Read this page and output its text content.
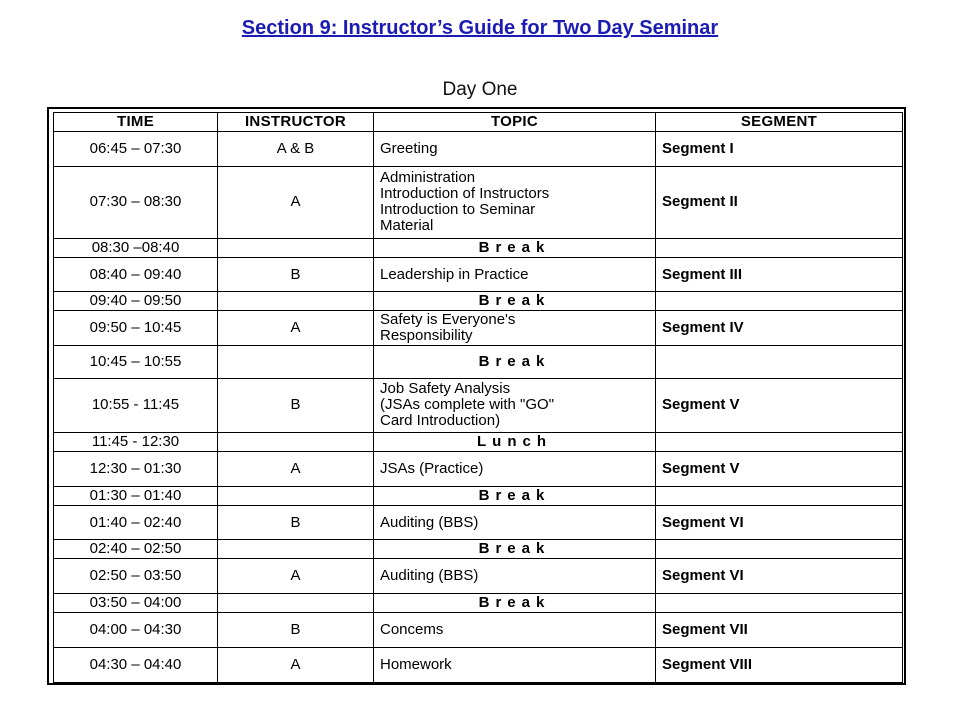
Section 9: Instructor’s Guide for Two Day Seminar
Day One
TIME	INSTRUCTOR	TOPIC	SEGMENT
06:45 – 07:30	A & B	Greeting	Segment I
07:30 – 08:30	A	Administration
Introduction of Instructors
Introduction to Seminar
Material	Segment II
08:30 –08:40		Break	
08:40 – 09:40	B	Leadership in Practice	Segment III
09:40 – 09:50		Break	
09:50 – 10:45	A	Safety is Everyone's
Responsibility	Segment IV
10:45 – 10:55		Break	
10:55 - 11:45	B	Job Safety Analysis
(JSAs complete with "GO"
Card Introduction)	Segment V
11:45 - 12:30		Lunch	
12:30 – 01:30	A	JSAs (Practice)	Segment V
01:30 – 01:40		Break	
01:40 – 02:40	B	Auditing (BBS)	Segment VI
02:40 – 02:50		Break	
02:50 – 03:50	A	Auditing (BBS)	Segment VI
03:50 – 04:00		Break	
04:00 – 04:30	B	Concems	Segment VII
04:30 – 04:40	A	Homework	Segment VIII
